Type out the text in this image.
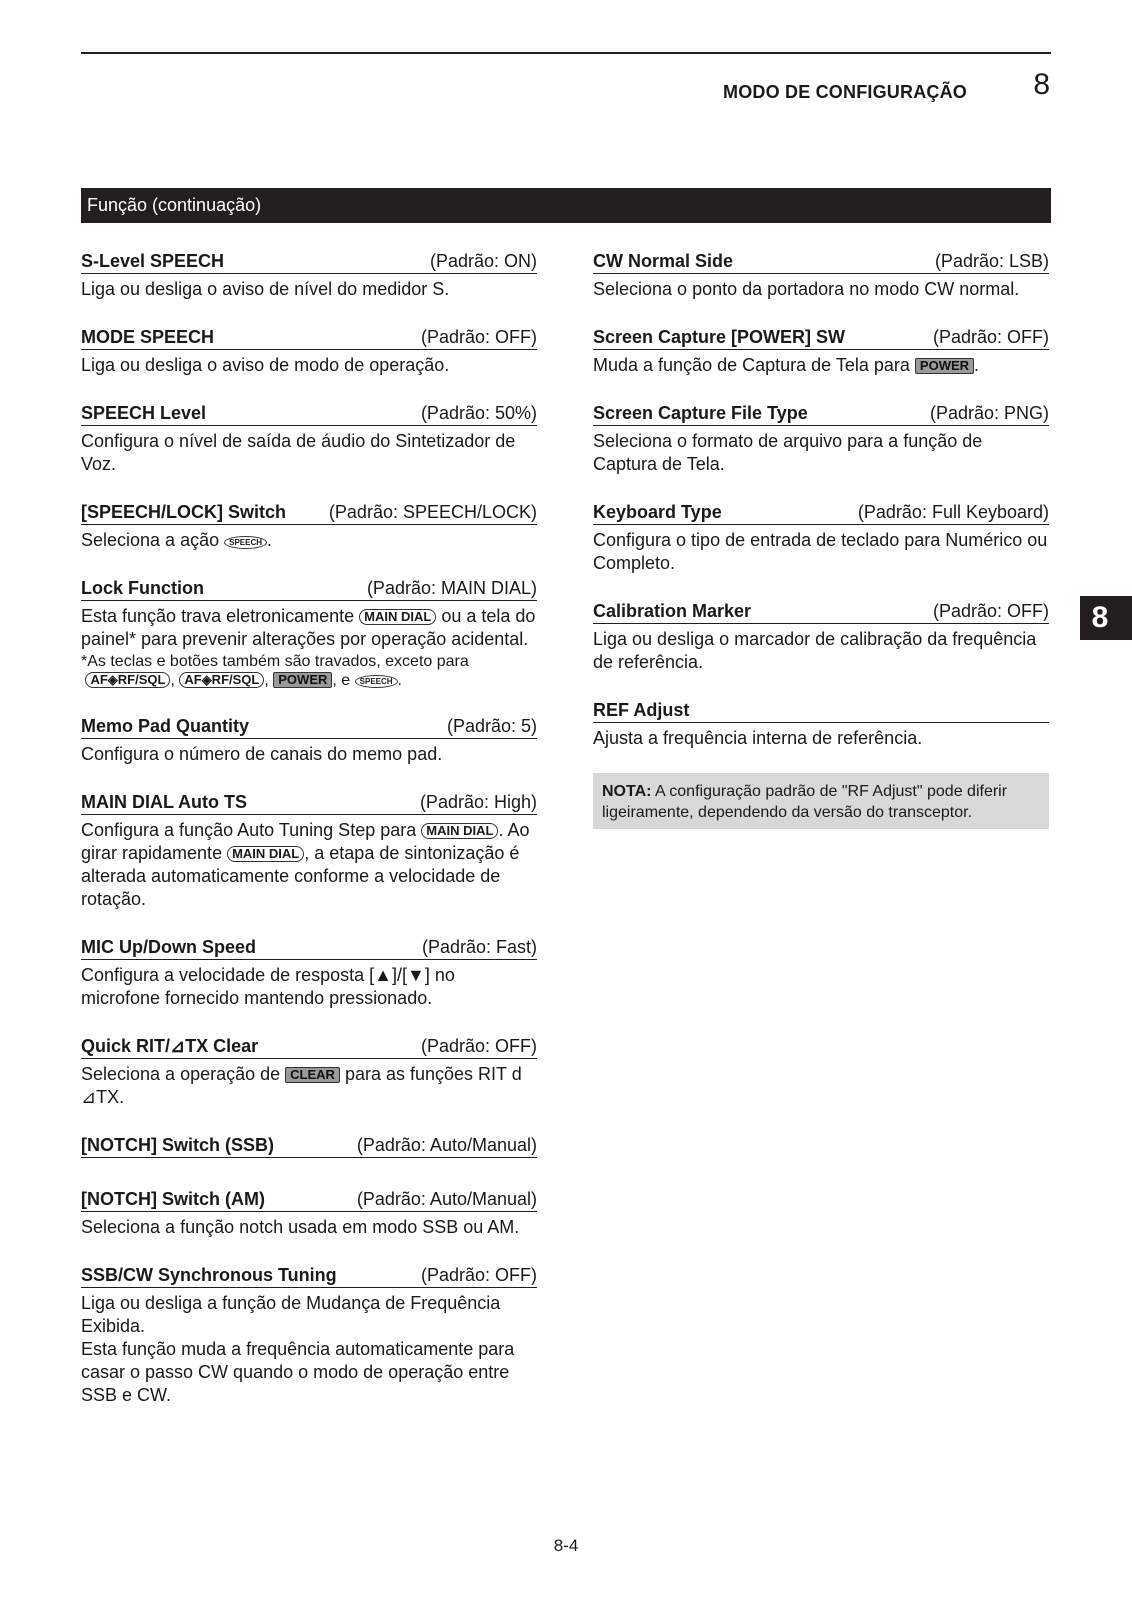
MODO DE CONFIGURAÇÃO 8
Função (continuação)
S-Level SPEECH	(Padrão: ON)
Liga ou desliga o aviso de nível do medidor S.
MODE SPEECH	(Padrão: OFF)
Liga ou desliga o aviso de modo de operação.
SPEECH Level	(Padrão: 50%)
Configura o nível de saída de áudio do Sintetizador de Voz.
[SPEECH/LOCK] Switch (Padrão: SPEECH/LOCK)
Seleciona a ação SPEECH .
Lock Function	(Padrão: MAIN DIAL)
Esta função trava eletronicamente MAIN DIAL ou a tela do painel* para prevenir alterações por operação acidental.
*As teclas e botões também são travados, exceto para
AF◈RF/SQL , AF◈RF/SQL , POWER , e SPEECH .
Memo Pad Quantity	(Padrão: 5)
Configura o número de canais do memo pad.
MAIN DIAL Auto TS	(Padrão: High)
Configura a função Auto Tuning Step para MAIN DIAL . Ao girar rapidamente MAIN DIAL , a etapa de sintonização é alterada automaticamente conforme a velocidade de rotação.
MIC Up/Down Speed	(Padrão: Fast)
Configura a velocidade de resposta [▲]/[▼] no microfone fornecido mantendo pressionado.
Quick RIT/⊿TX Clear	(Padrão: OFF)
Seleciona a operação de CLEAR para as funções RIT d ⊿TX.
[NOTCH] Switch (SSB)	(Padrão: Auto/Manual)
[NOTCH] Switch (AM)	(Padrão: Auto/Manual)
Seleciona a função notch usada em modo SSB ou AM.
SSB/CW Synchronous Tuning	(Padrão: OFF)

Liga ou desliga a função de Mudança de Frequência Exibida.

Esta função muda a frequência automaticamente para casar o passo CW quando o modo de operação entre SSB e CW.

CW Normal Side	(Padrão: LSB)
Seleciona o ponto da portadora no modo CW normal.
Screen Capture [POWER] SW	(Padrão: OFF)
Muda a função de Captura de Tela para POWER .
Screen Capture File Type	(Padrão: PNG)
Seleciona o formato de arquivo para a função de Captura de Tela.
Keyboard Type	(Padrão: Full Keyboard)
Configura o tipo de entrada de teclado para Numérico ou Completo.
Calibration Marker	(Padrão: OFF)
Liga ou desliga o marcador de calibração da frequência de referência.
REF Adjust
Ajusta a frequência interna de referência.
NOTA: A configuração padrão de "RF Adjust" pode diferir ligeiramente, dependendo da versão do transceptor.
8
8-4
